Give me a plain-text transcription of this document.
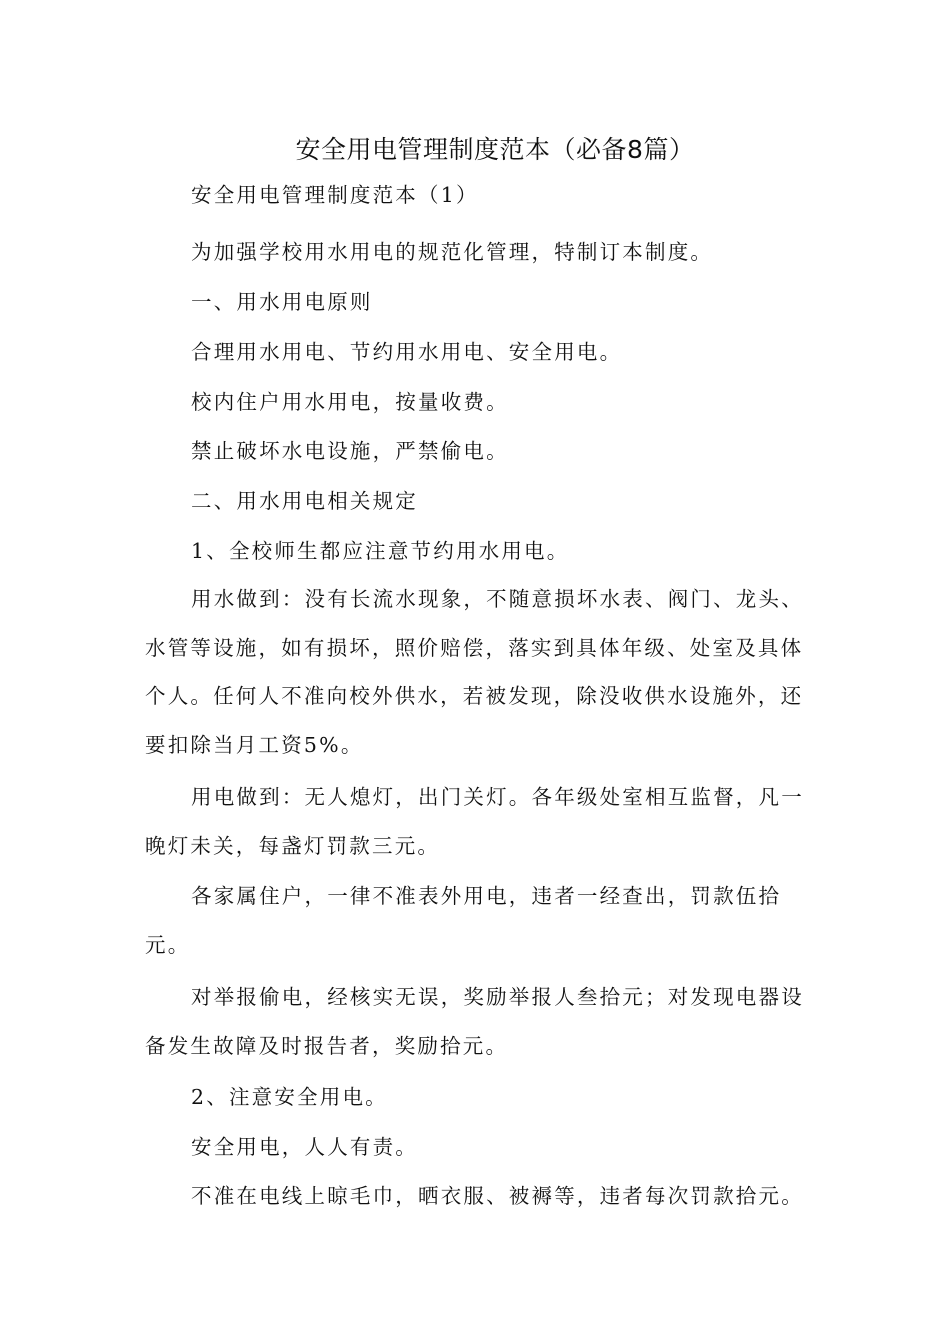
安全用电管理制度范本（必备8篇）
安全用电管理制度范本（1）
为加强学校用水用电的规范化管理，特制订本制度。
一、用水用电原则
合理用水用电、节约用水用电、安全用电。
校内住户用水用电，按量收费。
禁止破坏水电设施，严禁偷电。
二、用水用电相关规定
1、全校师生都应注意节约用水用电。
用水做到：没有长流水现象，不随意损坏水表、阀门、龙头、水管等设施，如有损坏，照价赔偿，落实到具体年级、处室及具体个人。任何人不准向校外供水，若被发现，除没收供水设施外，还要扣除当月工资5%。
用电做到：无人熄灯，出门关灯。各年级处室相互监督，凡一晚灯未关，每盏灯罚款三元。
各家属住户，一律不准表外用电，违者一经查出，罚款伍拾元。
对举报偷电，经核实无误，奖励举报人叁拾元；对发现电器设备发生故障及时报告者，奖励拾元。
2、注意安全用电。
安全用电，人人有责。
不准在电线上晾毛巾，晒衣服、被褥等，违者每次罚款拾元。
